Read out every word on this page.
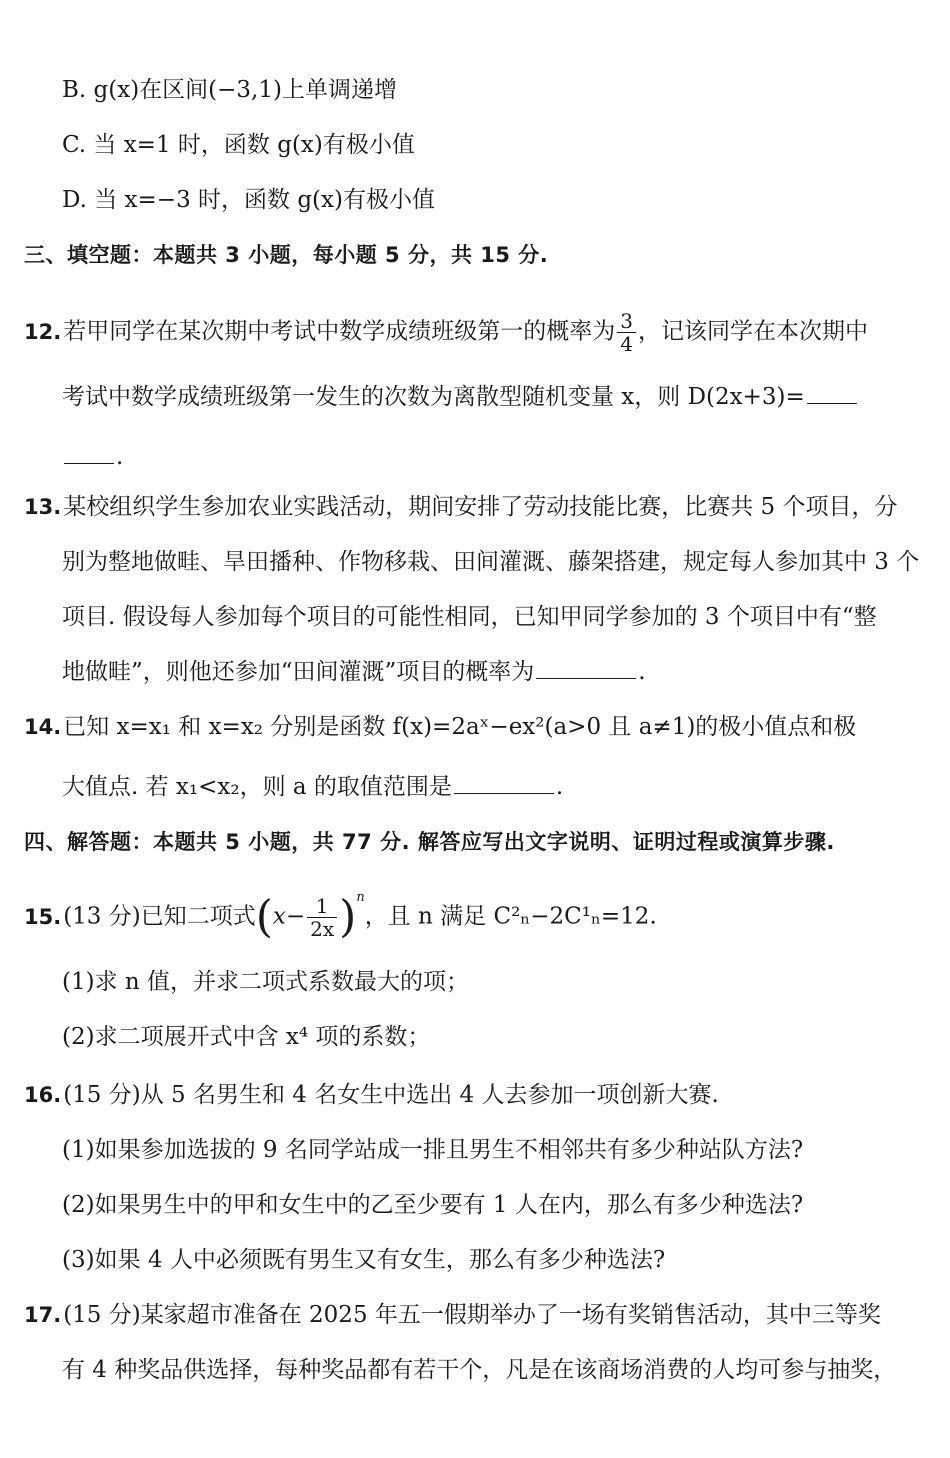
B. g(x)在区间(−3,1)上单调递增
C. 当 x=1 时，函数 g(x)有极小值
D. 当 x=−3 时，函数 g(x)有极小值
三、填空题：本题共 3 小题，每小题 5 分，共 15 分.
12.若甲同学在某次期中考试中数学成绩班级第一的概率为 $\frac{3}{4}$ ，记该同学在本次期中
考试中数学成绩班级第一发生的次数为离散型随机变量 x，则 D(2x+3)=
.
13.某校组织学生参加农业实践活动，期间安排了劳动技能比赛，比赛共 5 个项目，分
别为整地做畦、旱田播种、作物移栽、田间灌溉、藤架搭建，规定每人参加其中 3 个
项目. 假设每人参加每个项目的可能性相同，已知甲同学参加的 3 个项目中有“整
地做畦”，则他还参加“田间灌溉”项目的概率为	.
14.已知 x=x₁ 和 x=x₂ 分别是函数 f(x)=2aˣ−ex²(a>0 且 a≠1)的极小值点和极
大值点. 若 x₁<x₂，则 a 的取值范围是	.
四、解答题：本题共 5 小题，共 77 分. 解答应写出文字说明、证明过程或演算步骤.
15.(13 分)已知二项式$(x- \frac{1}{2x} )^n$，且 n 满足 C²ₙ−2C¹ₙ=12.
(1)求 n 值，并求二项式系数最大的项；
(2)求二项展开式中含 x⁴ 项的系数；
16.(15 分)从 5 名男生和 4 名女生中选出 4 人去参加一项创新大赛.
(1)如果参加选拔的 9 名同学站成一排且男生不相邻共有多少种站队方法?
(2)如果男生中的甲和女生中的乙至少要有 1 人在内，那么有多少种选法?
(3)如果 4 人中必须既有男生又有女生，那么有多少种选法?
17.(15 分)某家超市准备在 2025 年五一假期举办了一场有奖销售活动，其中三等奖
有 4 种奖品供选择，每种奖品都有若干个，凡是在该商场消费的人均可参与抽奖，
